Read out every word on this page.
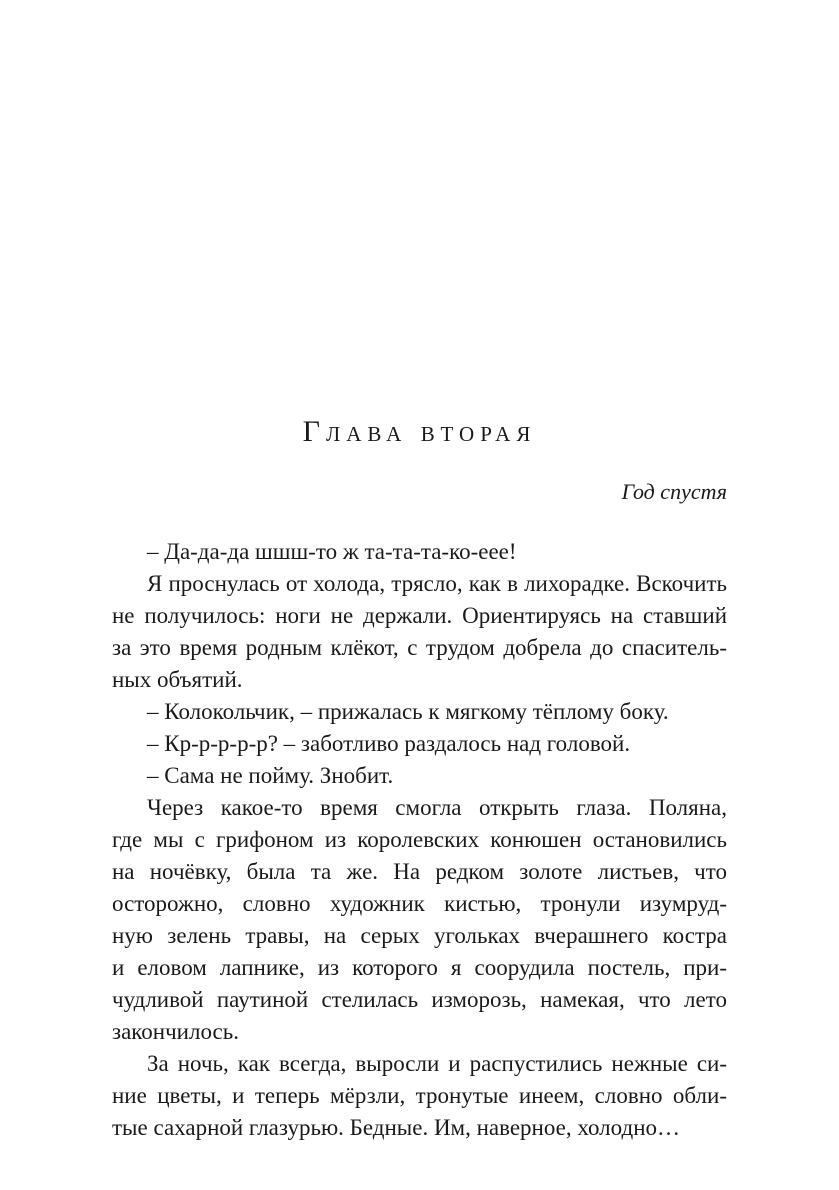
Глава вторая

Год спустя

– Да-да-да шшш-то ж та-та-та-ко-еее!
Я проснулась от холода, трясло, как в лихорадке. Вскочить
не получилось: ноги не держали. Ориентируясь на ставший
за это время родным клёкот, с трудом добрела до спаситель-
ных объятий.
– Колокольчик, – прижалась к мягкому тёплому боку.
– Кр-р-р-р-р? – заботливо раздалось над головой.
– Сама не пойму. Знобит.
Через какое-то время смогла открыть глаза. Поляна,
где мы с грифоном из королевских конюшен остановились
на ночёвку, была та же. На редком золоте листьев, что
осторожно, словно художник кистью, тронули изумруд-
ную зелень травы, на серых угольках вчерашнего костра
и еловом лапнике, из которого я соорудила постель, при-
чудливой паутиной стелилась изморозь, намекая, что лето
закончилось.
За ночь, как всегда, выросли и распустились нежные си-
ние цветы, и теперь мёрзли, тронутые инеем, словно обли-
тые сахарной глазурью. Бедные. Им, наверное, холодно…
